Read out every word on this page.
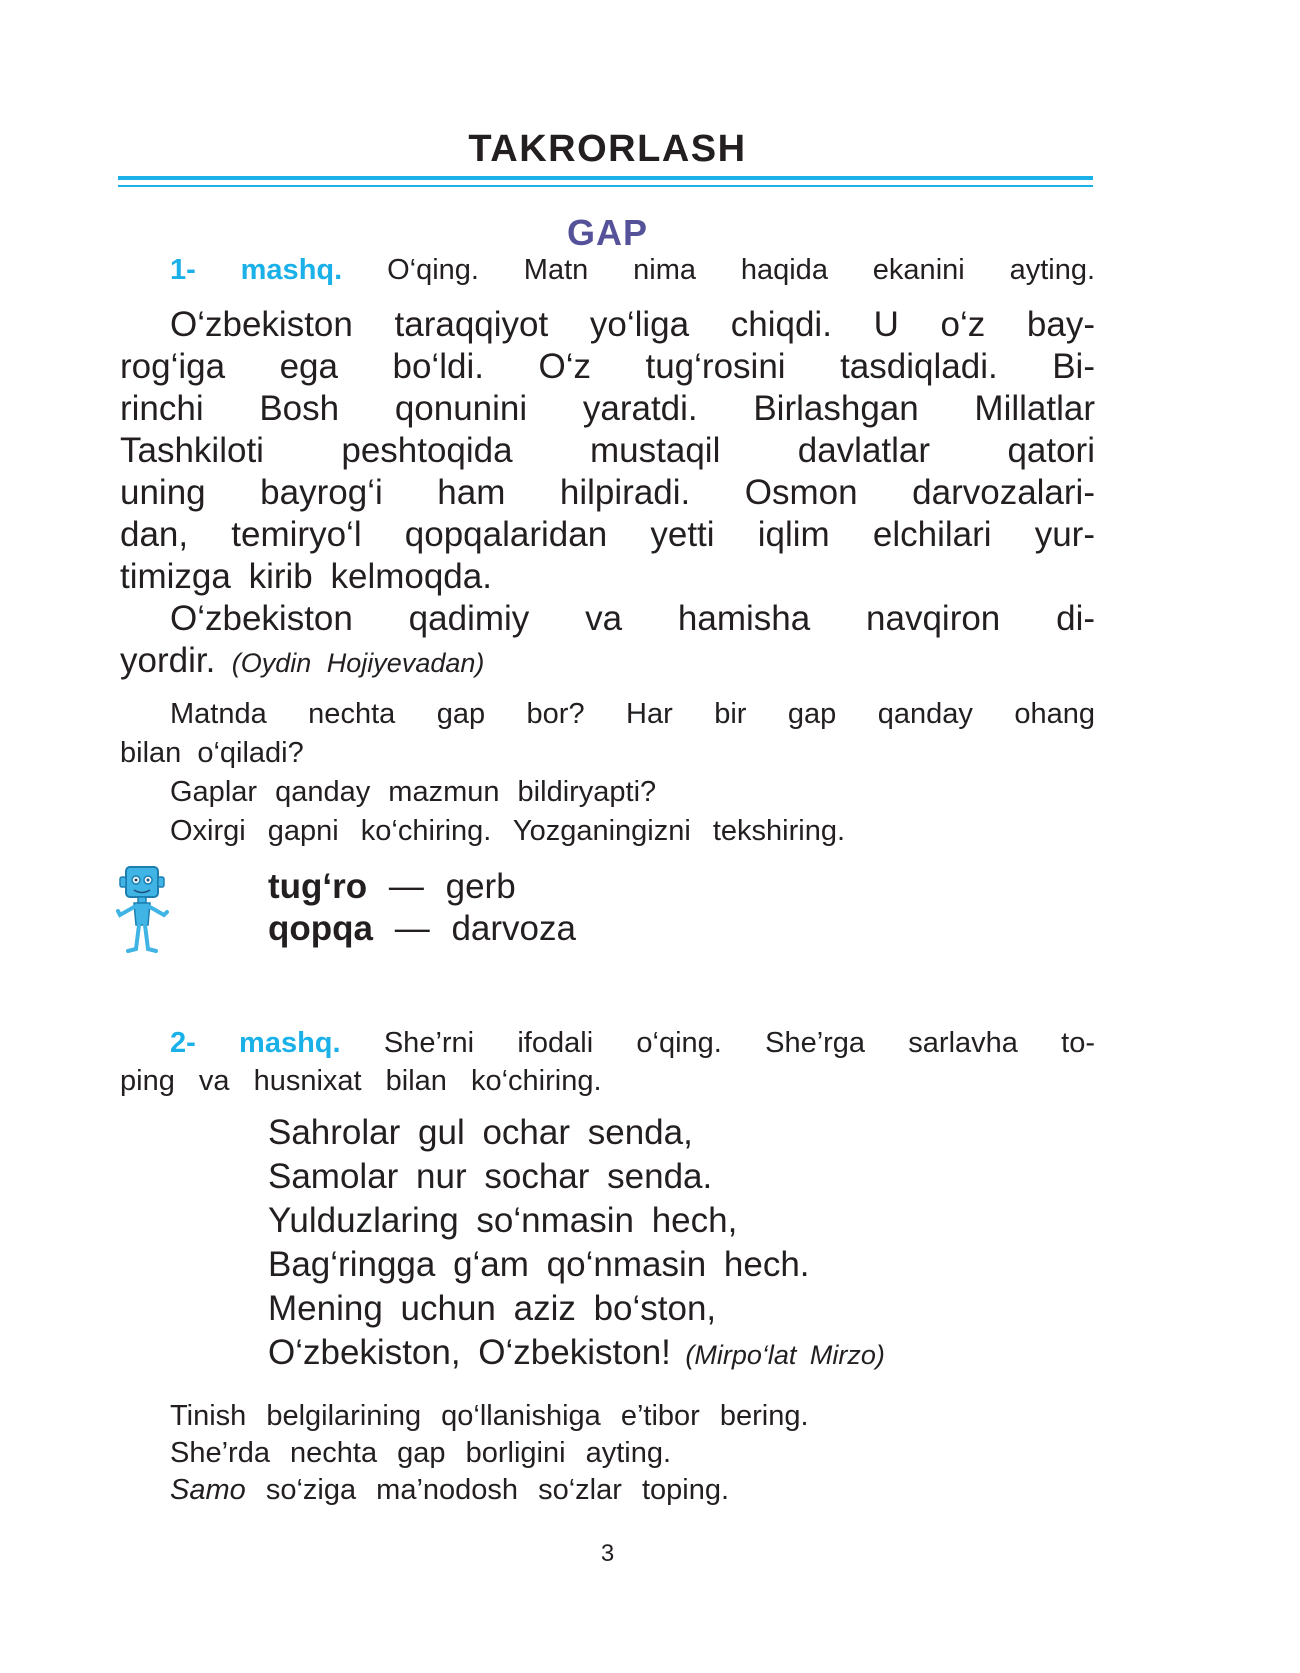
TAKRORLASH
GAP
1- mashq. O‘qing. Matn nima haqida ekanini ayting.
O‘zbekiston taraqqiyot yo‘liga chiqdi. U o‘z bay-
rog‘iga ega bo‘ldi. O‘z tug‘rosini tasdiqladi. Bi-
rinchi Bosh qonunini yaratdi. Birlashgan Millatlar
Tashkiloti peshtoqida mustaqil davlatlar qatori
uning bayrog‘i ham hilpiradi. Osmon darvozalari-
dan, temiryo‘l qopqalaridan yetti iqlim elchilari yur-
timizga kirib kelmoqda.
O‘zbekiston qadimiy va hamisha navqiron di-
yordir. (Oydin Hojiyevadan)
Matnda nechta gap bor? Har bir gap qanday ohang
bilan o‘qiladi?
Gaplar qanday mazmun bildiryapti?
Oxirgi gapni ko‘chiring. Yozganingizni tekshiring.
tug‘ro — gerb
qopqa — darvoza
2- mashq. She’rni ifodali o‘qing. She’rga sarlavha to-
ping va husnixat bilan ko‘chiring.
Sahrolar gul ochar senda,
Samolar nur sochar senda.
Yulduzlaring so‘nmasin hech,
Bag‘ringga g‘am qo‘nmasin hech.
Mening uchun aziz bo‘ston,
O‘zbekiston, O‘zbekiston! (Mirpo‘lat Mirzo)
Tinish belgilarining qo‘llanishiga e’tibor bering.
She’rda nechta gap borligini ayting.
Samo so‘ziga ma’nodosh so‘zlar toping.
3
